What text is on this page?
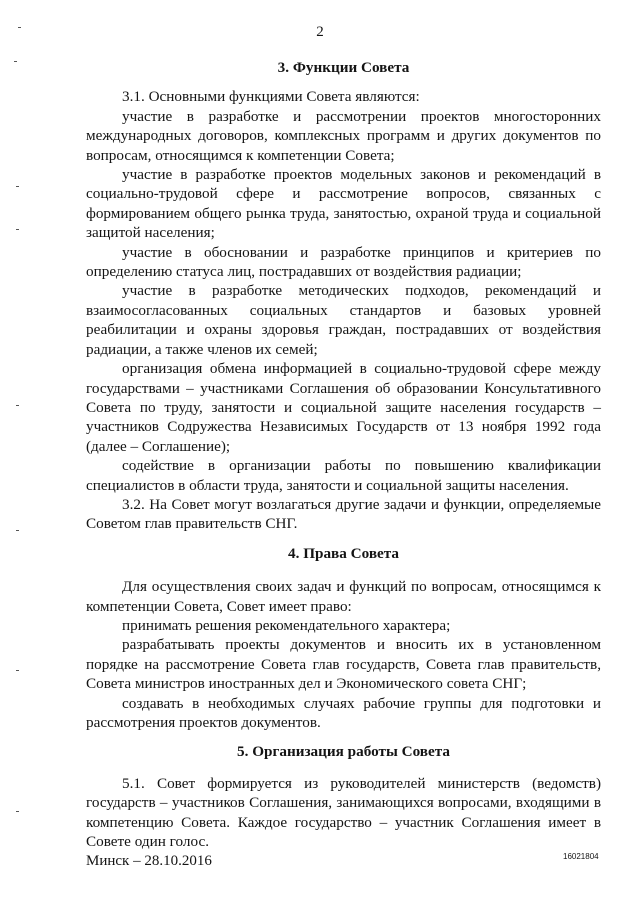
2
3. Функции Совета

3.1. Основными функциями Совета являются:

участие в разработке и рассмотрении проектов многосторонних международных договоров, комплексных программ и других документов по вопросам, относящимся к компетенции Совета;

участие в разработке проектов модельных законов и рекомендаций в социально-трудовой сфере и рассмотрение вопросов, связанных с формированием общего рынка труда, занятостью, охраной труда и социальной защитой населения;

участие в обосновании и разработке принципов и критериев по определению статуса лиц, пострадавших от воздействия радиации;

участие в разработке методических подходов, рекомендаций и взаимосогласованных социальных стандартов и базовых уровней реабилитации и охраны здоровья граждан, пострадавших от воздействия радиации, а также членов их семей;

организация обмена информацией в социально-трудовой сфере между государствами – участниками Соглашения об образовании Консультативного Совета по труду, занятости и социальной защите населения государств – участников Содружества Независимых Государств от 13 ноября 1992 года (далее – Соглашение);

содействие в организации работы по повышению квалификации специалистов в области труда, занятости и социальной защиты населения.

3.2. На Совет могут возлагаться другие задачи и функции, определяемые Советом глав правительств СНГ.

4. Права Совета

Для осуществления своих задач и функций по вопросам, относящимся к компетенции Совета, Совет имеет право:

принимать решения рекомендательного характера;

разрабатывать проекты документов и вносить их в установленном порядке на рассмотрение Совета глав государств, Совета глав правительств, Совета министров иностранных дел и Экономического совета СНГ;

создавать в необходимых случаях рабочие группы для подготовки и рассмотрения проектов документов.

5. Организация работы Совета

5.1. Совет формируется из руководителей министерств (ведомств) государств – участников Соглашения, занимающихся вопросами, входящими в компетенцию Совета. Каждое государство – участник Соглашения имеет в Совете один голос.

Минск – 28.10.2016	16021804
